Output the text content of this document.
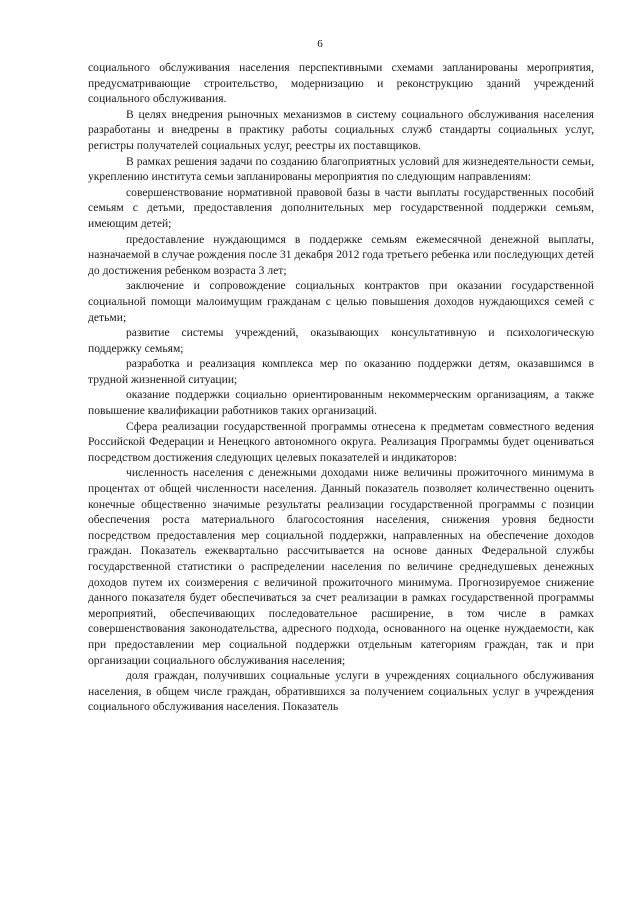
6

социального обслуживания населения перспективными схемами запланированы мероприятия, предусматривающие строительство, модернизацию и реконструкцию зданий учреждений социального обслуживания.

В целях внедрения рыночных механизмов в систему социального обслуживания населения разработаны и внедрены в практику работы социальных служб стандарты социальных услуг, регистры получателей социальных услуг, реестры их поставщиков.

В рамках решения задачи по созданию благоприятных условий для жизнедеятельности семьи, укреплению института семьи запланированы мероприятия по следующим направлениям:

совершенствование нормативной правовой базы в части выплаты государственных пособий семьям с детьми, предоставления дополнительных мер государственной поддержки семьям, имеющим детей;

предоставление нуждающимся в поддержке семьям ежемесячной денежной выплаты, назначаемой в случае рождения после 31 декабря 2012 года третьего ребенка или последующих детей до достижения ребенком возраста 3 лет;

заключение и сопровождение социальных контрактов при оказании государственной социальной помощи малоимущим гражданам с целью повышения доходов нуждающихся семей с детьми;

развитие системы учреждений, оказывающих консультативную и психологическую поддержку семьям;

разработка и реализация комплекса мер по оказанию поддержки детям, оказавшимся в трудной жизненной ситуации;

оказание поддержки социально ориентированным некоммерческим организациям, а также повышение квалификации работников таких организаций.

Сфера реализации государственной программы отнесена к предметам совместного ведения Российской Федерации и Ненецкого автономного округа. Реализация Программы будет оцениваться посредством достижения следующих целевых показателей и индикаторов:

численность населения с денежными доходами ниже величины прожиточного минимума в процентах от общей численности населения. Данный показатель позволяет количественно оценить конечные общественно значимые результаты реализации государственной программы с позиции обеспечения роста материального благосостояния населения, снижения уровня бедности посредством предоставления мер социальной поддержки, направленных на обеспечение доходов граждан. Показатель ежеквартально рассчитывается на основе данных Федеральной службы государственной статистики о распределении населения по величине среднедушевых денежных доходов путем их соизмерения с величиной прожиточного минимума. Прогнозируемое снижение данного показателя будет обеспечиваться за счет реализации в рамках государственной программы мероприятий, обеспечивающих последовательное расширение, в том числе в рамках совершенствования законодательства, адресного подхода, основанного на оценке нуждаемости, как при предоставлении мер социальной поддержки отдельным категориям граждан, так и при организации социального обслуживания населения;

доля граждан, получивших социальные услуги в учреждениях социального обслуживания населения, в общем числе граждан, обратившихся за получением социальных услуг в учреждения социального обслуживания населения. Показатель
